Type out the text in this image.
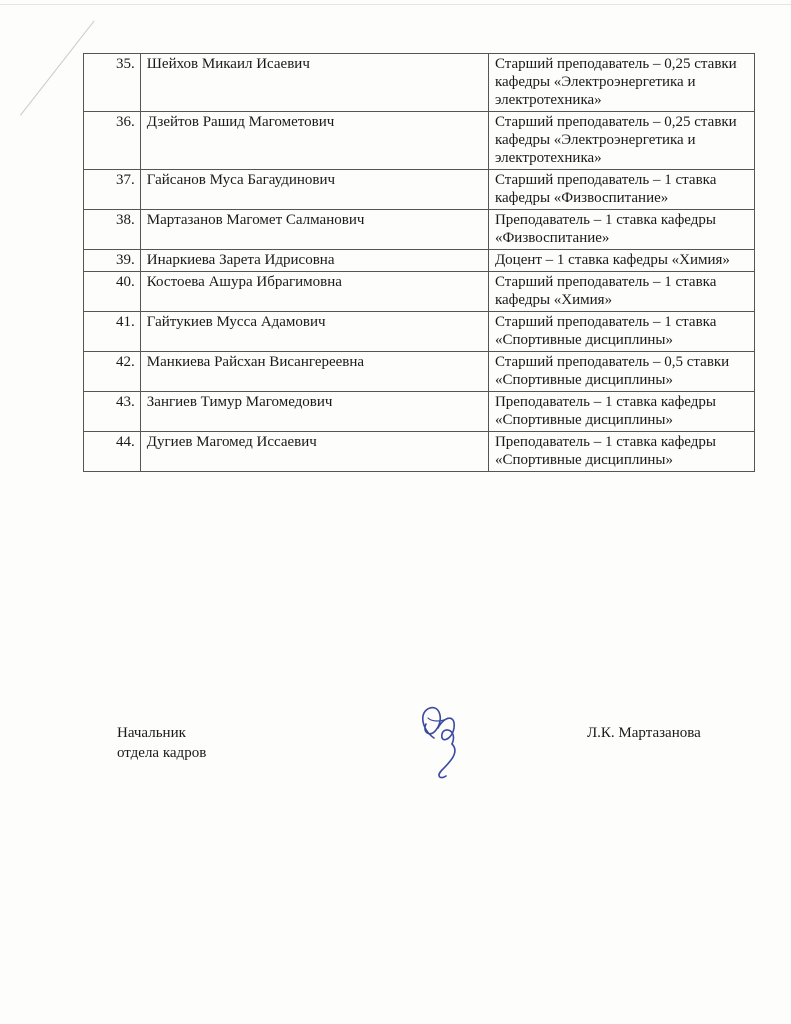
35.	Шейхов Микаил Исаевич	Старший преподаватель – 0,25 ставки кафедры «Электроэнергетика и электротехника»
36.	Дзейтов Рашид Магометович	Старший преподаватель – 0,25 ставки кафедры «Электроэнергетика и электротехника»
37.	Гайсанов Муса Багаудинович	Старший преподаватель – 1 ставка кафедры «Физвоспитание»
38.	Мартазанов Магомет Салманович	Преподаватель – 1 ставка кафедры «Физвоспитание»
39.	Инаркиева Зарета Идрисовна	Доцент – 1 ставка кафедры «Химия»
40.	Костоева Ашура Ибрагимовна	Старший преподаватель – 1 ставка кафедры «Химия»
41.	Гайтукиев Мусса Адамович	Старший преподаватель – 1 ставка «Спортивные дисциплины»
42.	Манкиева Райсхан Висангереевна	Старший преподаватель – 0,5 ставки «Спортивные дисциплины»
43.	Зангиев Тимур Магомедович	Преподаватель – 1 ставка кафедры «Спортивные дисциплины»
44.	Дугиев Магомед Иссаевич	Преподаватель – 1 ставка кафедры «Спортивные дисциплины»
Начальник
отдела кадров
Л.К. Мартазанова
